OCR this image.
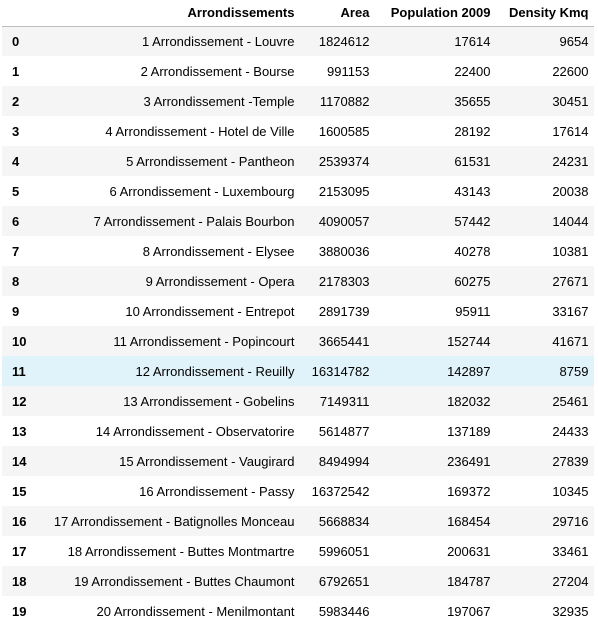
	Arrondissements	Area	Population 2009	Density Kmq
0	1 Arrondissement - Louvre	1824612	17614	9654
1	2 Arrondissement - Bourse	991153	22400	22600
2	3 Arrondissement -Temple	1170882	35655	30451
3	4 Arrondissement - Hotel de Ville	1600585	28192	17614
4	5 Arrondissement - Pantheon	2539374	61531	24231
5	6 Arrondissement - Luxembourg	2153095	43143	20038
6	7 Arrondissement - Palais Bourbon	4090057	57442	14044
7	8 Arrondissement - Elysee	3880036	40278	10381
8	9 Arrondissement - Opera	2178303	60275	27671
9	10 Arrondissement - Entrepot	2891739	95911	33167
10	11 Arrondissement - Popincourt	3665441	152744	41671
11	12 Arrondissement - Reuilly	16314782	142897	8759
12	13 Arrondissement - Gobelins	7149311	182032	25461
13	14 Arrondissement - Observatorire	5614877	137189	24433
14	15 Arrondissement - Vaugirard	8494994	236491	27839
15	16 Arrondissement - Passy	16372542	169372	10345
16	17 Arrondissement - Batignolles Monceau	5668834	168454	29716
17	18 Arrondissement - Buttes Montmartre	5996051	200631	33461
18	19 Arrondissement - Buttes Chaumont	6792651	184787	27204
19	20 Arrondissement - Menilmontant	5983446	197067	32935
